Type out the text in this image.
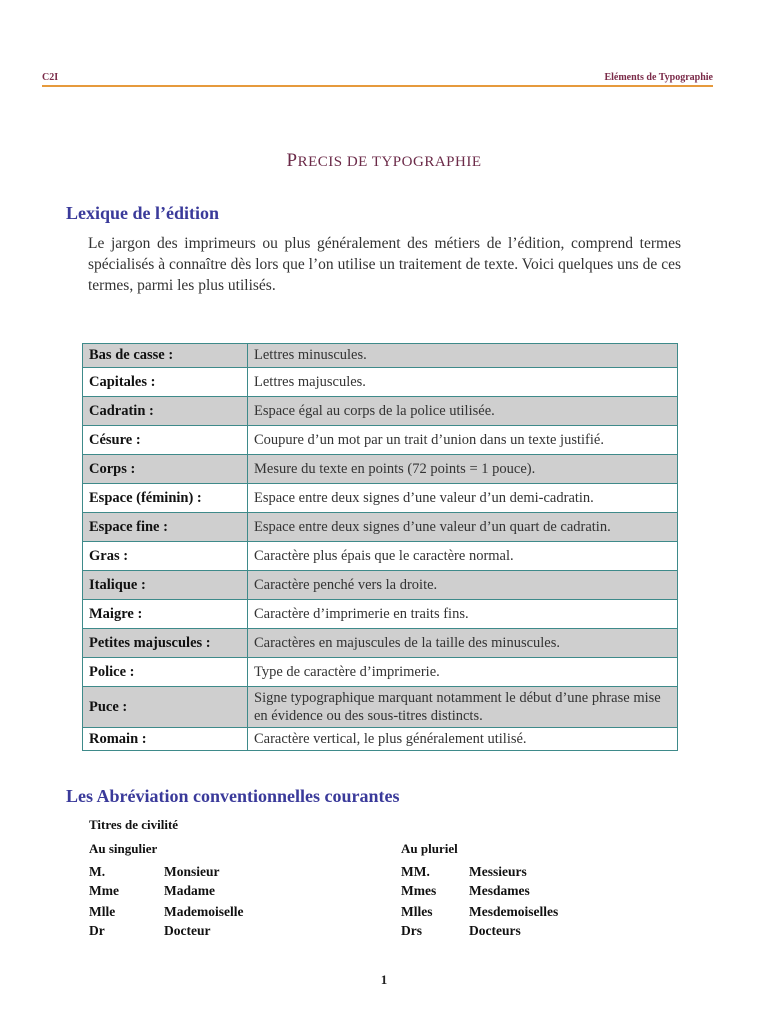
C2I	Eléments de Typographie
PRECIS DE TYPOGRAPHIE
Lexique de l’édition
Le jargon des imprimeurs ou plus généralement des métiers de l’édition, comprend termes spécialisés à connaître dès lors que l’on utilise un traitement de texte. Voici quelques uns de ces termes, parmi les plus utilisés.
Bas de casse :	Lettres minuscules.
Capitales :	Lettres majuscules.
Cadratin :	Espace égal au corps de la police utilisée.
Césure :	Coupure d’un mot par un trait d’union dans un texte justifié.
Corps :	Mesure du texte en points (72 points = 1 pouce).
Espace (féminin) :	Espace entre deux signes d’une valeur d’un demi-cadratin.
Espace fine :	Espace entre deux signes d’une valeur d’un quart de cadratin.
Gras :	Caractère plus épais que le caractère normal.
Italique :	Caractère penché vers la droite.
Maigre :	Caractère d’imprimerie en traits fins.
Petites majuscules :	Caractères en majuscules de la taille des minuscules.
Police :	Type de caractère d’imprimerie.
Puce :	Signe typographique marquant notamment le début d’une phrase mise en évidence ou des sous-titres distincts.
Romain :	Caractère vertical, le plus généralement utilisé.
Les Abréviation conventionnelles courantes
Titres de civilité
Au singulier	Au pluriel
M.	Monsieur	MM.	Messieurs
Mme	Madame	Mmes Mesdames
Mlle	Mademoiselle	Mlles	Mesdemoiselles
Dr	Docteur	Drs	Docteurs
1
